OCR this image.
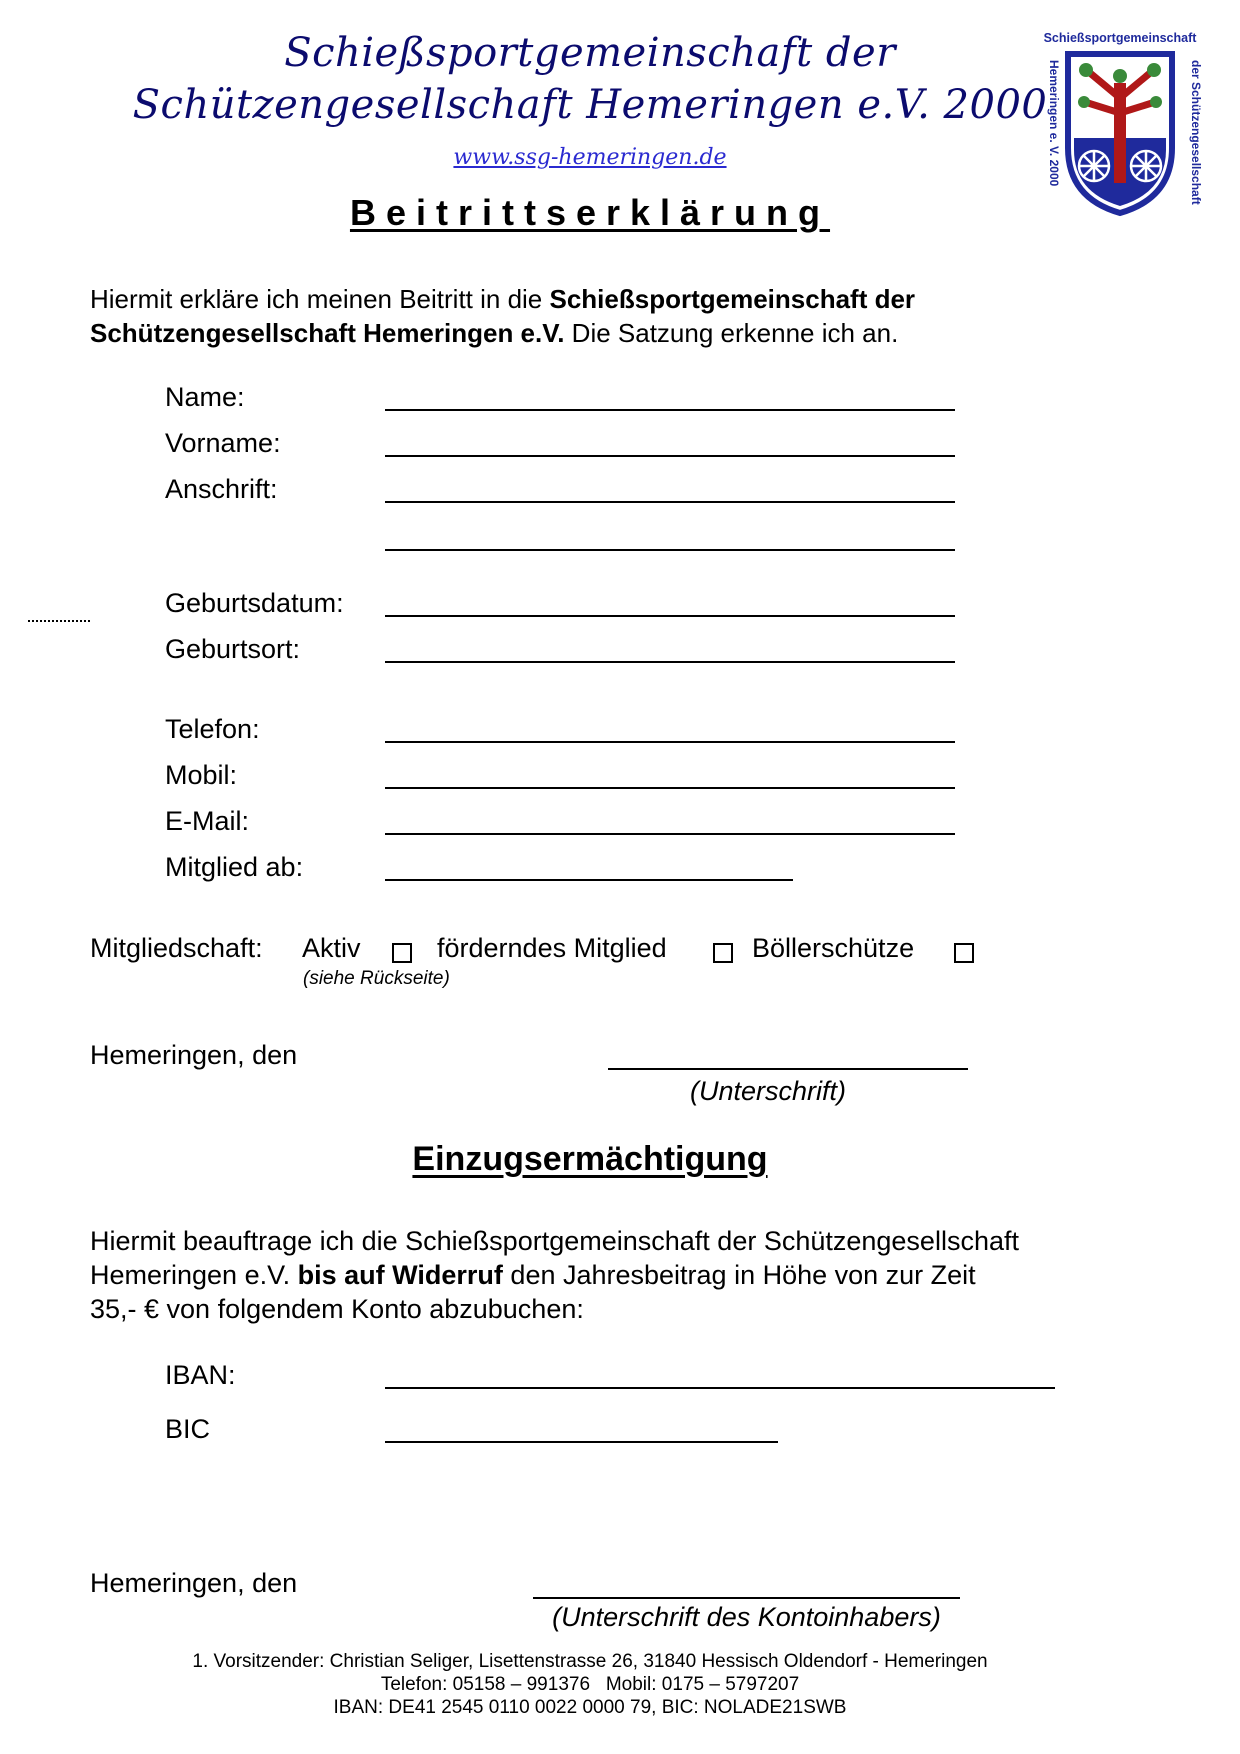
Schießsportgemeinschaft der
Schützengesellschaft Hemeringen e.V. 2000
www.ssg-hemeringen.de
Schießsportgemeinschaft
Hemeringen e. V. 2000	der Schützengesellschaft
Beitrittserklärung
Hiermit erkläre ich meinen Beitritt in die Schießsportgemeinschaft der Schützengesellschaft Hemeringen e.V. Die Satzung erkenne ich an.
Name:
Vorname:
Anschrift:
Geburtsdatum:
Geburtsort:
Telefon:
Mobil:
E-Mail:
Mitglied ab:
Mitgliedschaft: Aktiv	förderndes Mitglied	Böllerschütze
(siehe Rückseite)
Hemeringen, den
(Unterschrift)
Einzugsermächtigung
Hiermit beauftrage ich die Schießsportgemeinschaft der Schützengesellschaft
Hemeringen e.V. bis auf Widerruf den Jahresbeitrag in Höhe von zur Zeit
35,- € von folgendem Konto abzubuchen:
IBAN:
BIC
Hemeringen, den
(Unterschrift des Kontoinhabers)
1. Vorsitzender: Christian Seliger, Lisettenstrasse 26, 31840 Hessisch Oldendorf - Hemeringen
Telefon: 05158 – 991376   Mobil: 0175 – 5797207
IBAN: DE41 2545 0110 0022 0000 79, BIC: NOLADE21SWB
